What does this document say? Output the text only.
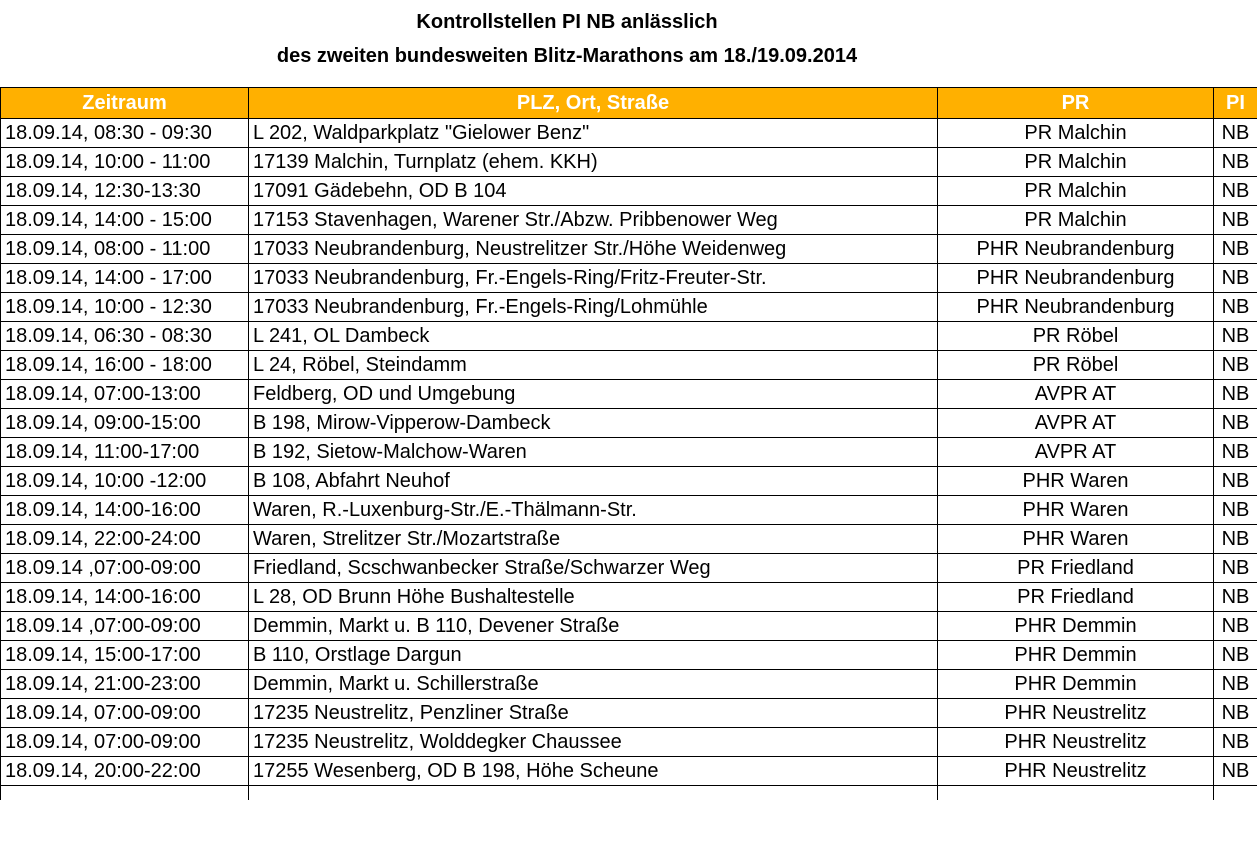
Kontrollstellen PI NB anlässlich
des zweiten bundesweiten Blitz-Marathons am 18./19.09.2014
Zeitraum	PLZ, Ort, Straße	PR	PI
18.09.14, 08:30 - 09:30	L 202, Waldparkplatz "Gielower Benz"	PR Malchin	NB
18.09.14, 10:00 - 11:00	17139 Malchin, Turnplatz (ehem. KKH)	PR Malchin	NB
18.09.14, 12:30-13:30	17091 Gädebehn, OD B 104	PR Malchin	NB
18.09.14, 14:00 - 15:00	17153 Stavenhagen, Warener Str./Abzw. Pribbenower Weg	PR Malchin	NB
18.09.14, 08:00 - 11:00	17033 Neubrandenburg, Neustrelitzer Str./Höhe Weidenweg	PHR Neubrandenburg	NB
18.09.14, 14:00 - 17:00	17033 Neubrandenburg, Fr.-Engels-Ring/Fritz-Freuter-Str.	PHR Neubrandenburg	NB
18.09.14, 10:00 - 12:30	17033 Neubrandenburg, Fr.-Engels-Ring/Lohmühle	PHR Neubrandenburg	NB
18.09.14, 06:30 - 08:30	L 241, OL Dambeck	PR Röbel	NB
18.09.14, 16:00 - 18:00	L 24, Röbel, Steindamm	PR Röbel	NB
18.09.14, 07:00-13:00	Feldberg, OD und Umgebung	AVPR AT	NB
18.09.14, 09:00-15:00	B 198, Mirow-Vipperow-Dambeck	AVPR AT	NB
18.09.14, 11:00-17:00	B 192, Sietow-Malchow-Waren	AVPR AT	NB
18.09.14, 10:00 -12:00	B 108, Abfahrt Neuhof	PHR Waren	NB
18.09.14, 14:00-16:00	Waren, R.-Luxenburg-Str./E.-Thälmann-Str.	PHR Waren	NB
18.09.14, 22:00-24:00	Waren, Strelitzer Str./Mozartstraße	PHR Waren	NB
18.09.14 ,07:00-09:00	Friedland, Scschwanbecker Straße/Schwarzer Weg	PR Friedland	NB
18.09.14, 14:00-16:00	L 28, OD Brunn Höhe Bushaltestelle	PR Friedland	NB
18.09.14 ,07:00-09:00	Demmin, Markt u. B 110, Devener Straße	PHR Demmin	NB
18.09.14, 15:00-17:00	B 110, Orstlage Dargun	PHR Demmin	NB
18.09.14, 21:00-23:00	Demmin, Markt u. Schillerstraße	PHR Demmin	NB
18.09.14, 07:00-09:00	17235 Neustrelitz, Penzliner Straße	PHR Neustrelitz	NB
18.09.14, 07:00-09:00	17235 Neustrelitz, Wolddegker Chaussee	PHR Neustrelitz	NB
18.09.14, 20:00-22:00	17255 Wesenberg, OD B 198, Höhe Scheune	PHR Neustrelitz	NB
